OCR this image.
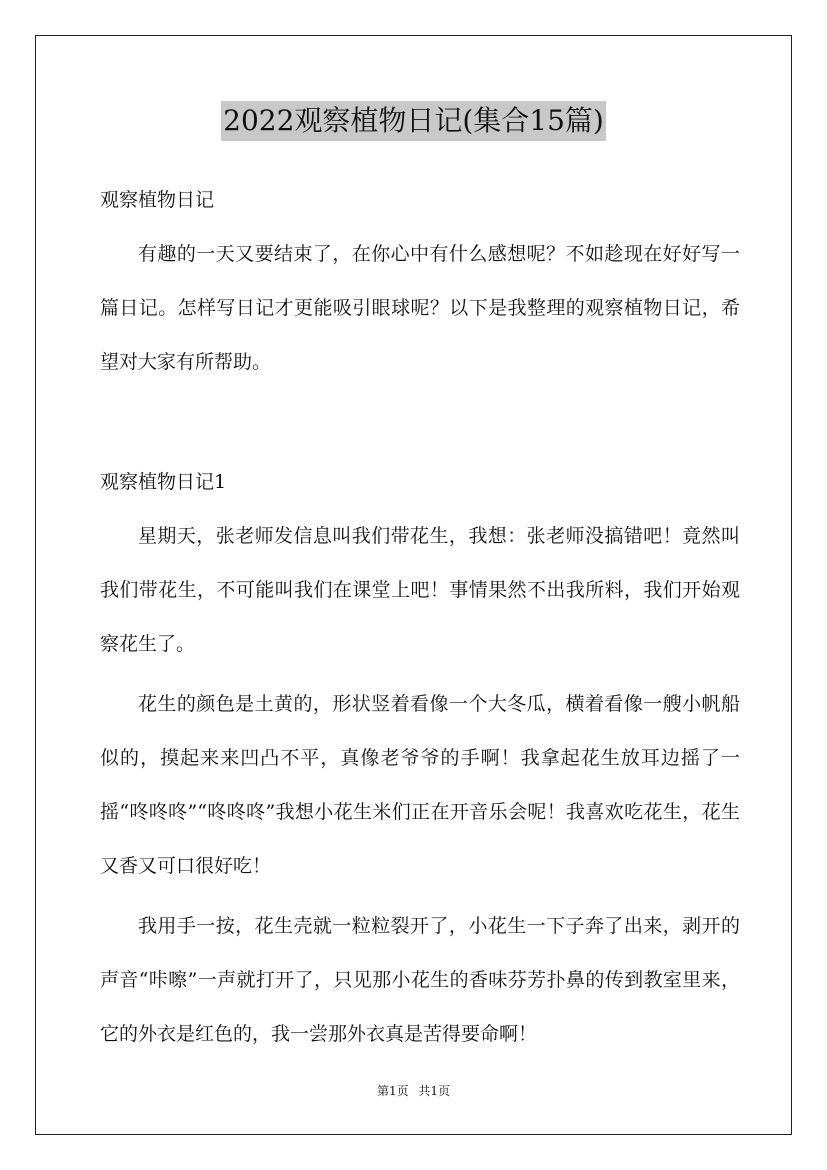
2022观察植物日记(集合15篇)

观察植物日记

有趣的一天又要结束了，在你心中有什么感想呢？不如趁现在好好写一篇日记。怎样写日记才更能吸引眼球呢？以下是我整理的观察植物日记，希望对大家有所帮助。

观察植物日记1

星期天，张老师发信息叫我们带花生，我想：张老师没搞错吧！竟然叫我们带花生，不可能叫我们在课堂上吧！事情果然不出我所料，我们开始观察花生了。

花生的颜色是土黄的，形状竖着看像一个大冬瓜，横着看像一艘小帆船似的，摸起来来凹凸不平，真像老爷爷的手啊！我拿起花生放耳边摇了一摇“咚咚咚”“咚咚咚”我想小花生米们正在开音乐会呢！我喜欢吃花生，花生又香又可口很好吃！

我用手一按，花生壳就一粒粒裂开了，小花生一下子奔了出来，剥开的声音“咔嚓”一声就打开了，只见那小花生的香味芬芳扑鼻的传到教室里来，它的外衣是红色的，我一尝那外衣真是苦得要命啊！

第1页 共1页
